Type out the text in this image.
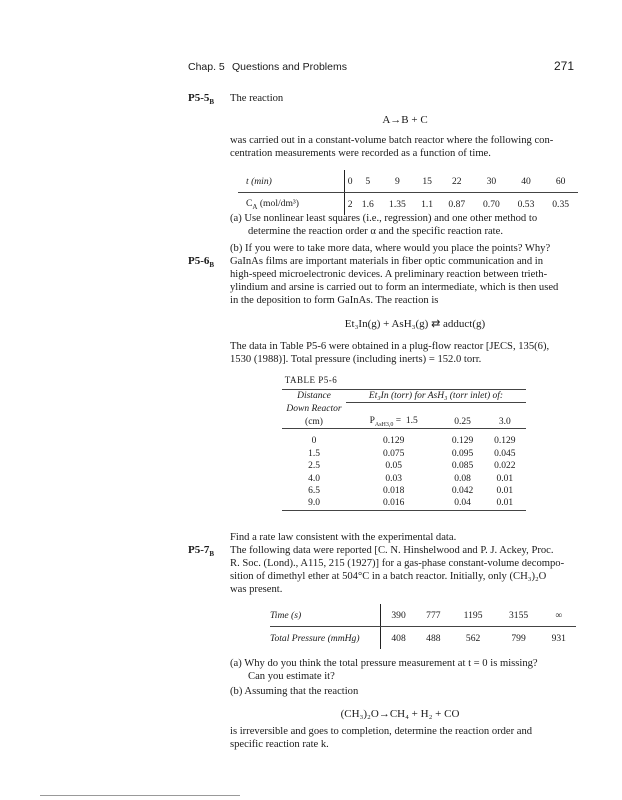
Chap. 5 Questions and Problems	271
$P5-5_B$ The reaction
A→B + C
was carried out in a constant-volume batch reactor where the following con-
centration measurements were recorded as a function of time.
t (min)	0	5	9	15	22	30	40	60
$C_A$ (mol/dm³)	2	1.6	1.35	1.1	0.87	0.70	0.53	0.35
(a) Use nonlinear least squares (i.e., regression) and one other method to
determine the reaction order α and the specific reaction rate.
(b) If you were to take more data, where would you place the points? Why?
$P5-6_B$ GaInAs films are important materials in fiber optic communication and in
high-speed microelectronic devices. A preliminary reaction between trieth-
ylindium and arsine is carried out to form an intermediate, which is then used
in the deposition to form GaInAs. The reaction is
Et₃In(g) + AsH₃(g) ⇄ adduct(g)
The data in Table P5-6 were obtained in a plug-flow reactor [JECS, 135(6),
1530 (1988)]. Total pressure (including inerts) = 152.0 torr.
TABLE P5-6
Distance	Et₃In (torr) for AsH₃ (torr inlet) of:		
Down Reactor			
(cm)	$P_{AsH3,0} = 1.5$	0.25	3.0

0	0.129	0.129	0.129
1.5	0.075	0.095	0.045
2.5	0.05	0.085	0.022
4.0	0.03	0.08	0.01
6.5	0.018	0.042	0.01
9.0	0.016	0.04	0.01
Find a rate law consistent with the experimental data.
$P5-7_B$ The following data were reported [C. N. Hinshelwood and P. J. Ackey, Proc.
R. Soc. (Lond)., A115, 215 (1927)] for a gas-phase constant-volume decompo-
sition of dimethyl ether at 504°C in a batch reactor. Initially, only (CH₃)₂O
was present.
Time (s)	390	777	1195	3155	∞
Total Pressure (mmHg)	408	488	562	799	931
(a) Why do you think the total pressure measurement at t = 0 is missing?
Can you estimate it?
(b) Assuming that the reaction
(CH₃)₂O→CH₄ + H₂ + CO
is irreversible and goes to completion, determine the reaction order and
specific reaction rate k.
